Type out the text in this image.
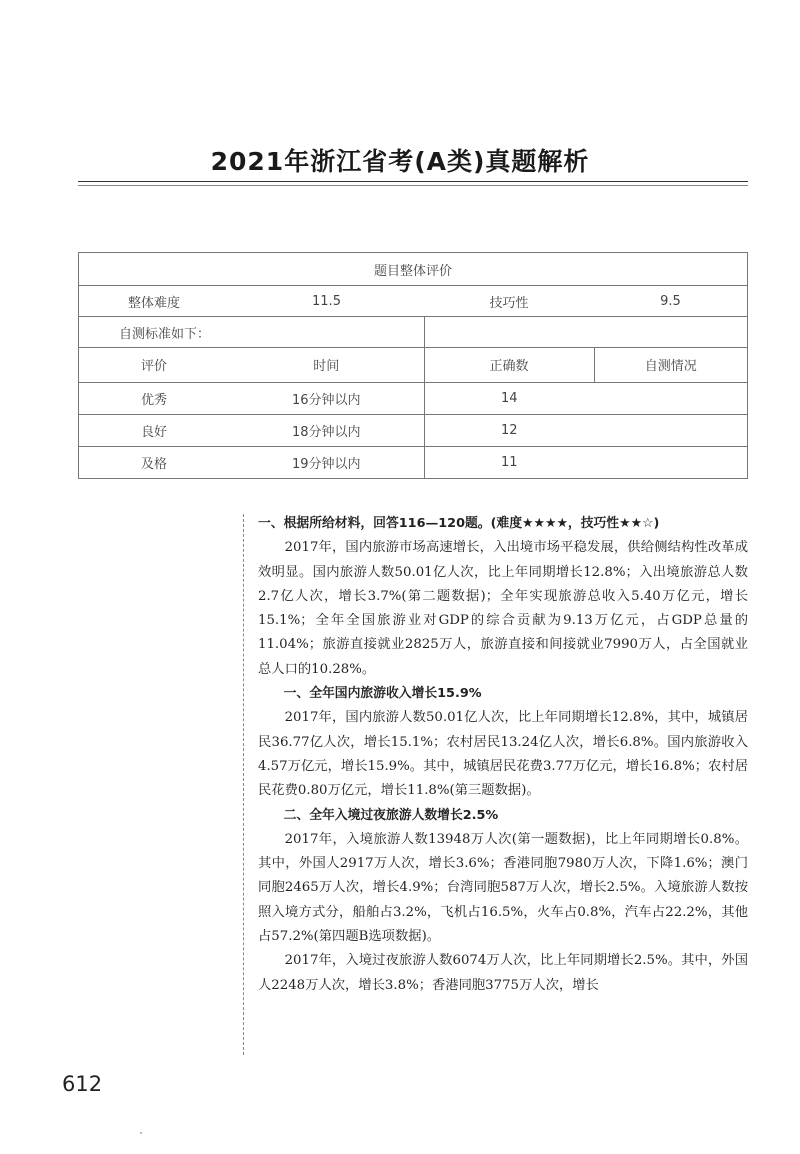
2021年浙江省考(A类)真题解析
题目整体评价			
整体难度	11.5	技巧性	9.5
自测标准如下：			
评价	时间	正确数	自测情况
优秀	16分钟以内	14	
良好	18分钟以内	12	
及格	19分钟以内	11	

一、根据所给材料，回答116—120题。(难度★★★★，技巧性★★☆)

2017年，国内旅游市场高速增长，入出境市场平稳发展，供给侧结构性改革成效明显。国内旅游人数50.01亿人次，比上年同期增长12.8%；入出境旅游总人数2.7亿人次，增长3.7%(第二题数据)；全年实现旅游总收入5.40万亿元，增长15.1%；全年全国旅游业对GDP的综合贡献为9.13万亿元，占GDP总量的11.04%；旅游直接就业2825万人，旅游直接和间接就业7990万人，占全国就业总人口的10.28%。

一、全年国内旅游收入增长15.9%

2017年，国内旅游人数50.01亿人次，比上年同期增长12.8%，其中，城镇居民36.77亿人次，增长15.1%；农村居民13.24亿人次，增长6.8%。国内旅游收入4.57万亿元，增长15.9%。其中，城镇居民花费3.77万亿元，增长16.8%；农村居民花费0.80万亿元，增长11.8%(第三题数据)。

二、全年入境过夜旅游人数增长2.5%

2017年，入境旅游人数13948万人次(第一题数据)，比上年同期增长0.8%。其中，外国人2917万人次，增长3.6%；香港同胞7980万人次，下降1.6%；澳门同胞2465万人次，增长4.9%；台湾同胞587万人次，增长2.5%。入境旅游人数按照入境方式分，船舶占3.2%，飞机占16.5%，火车占0.8%，汽车占22.2%，其他占57.2%(第四题B选项数据)。

2017年，入境过夜旅游人数6074万人次，比上年同期增长2.5%。其中，外国人2248万人次，增长3.8%；香港同胞3775万人次，增长

612
